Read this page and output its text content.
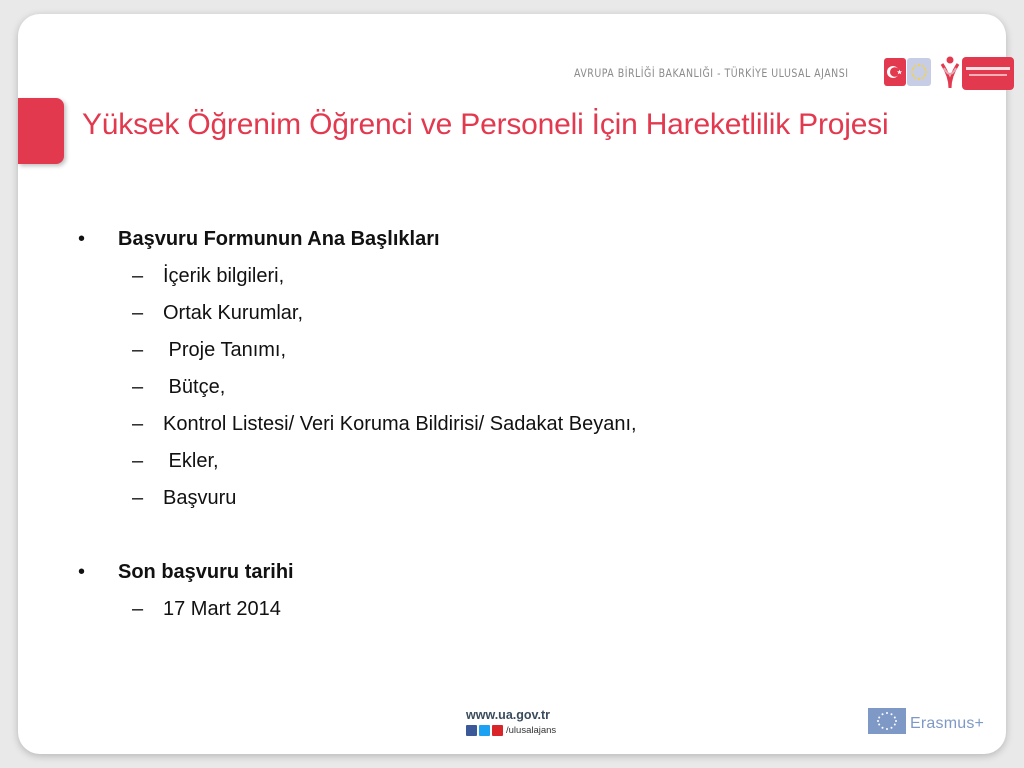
AVRUPA BİRLİĞİ BAKANLIĞI - TÜRKİYE ULUSAL AJANSI
Yüksek Öğrenim Öğrenci ve Personeli İçin Hareketlilik Projesi
•	Başvuru Formunun Ana Başlıkları
– İçerik bilgileri,
– Ortak Kurumlar,
– Proje Tanımı,
– Bütçe,
– Kontrol Listesi/ Veri Koruma Bildirisi/ Sadakat Beyanı,
– Ekler,
– Başvuru
•	Son başvuru tarihi
– 17 Mart 2014
www.ua.gov.tr
/ulusalajans	Erasmus+
